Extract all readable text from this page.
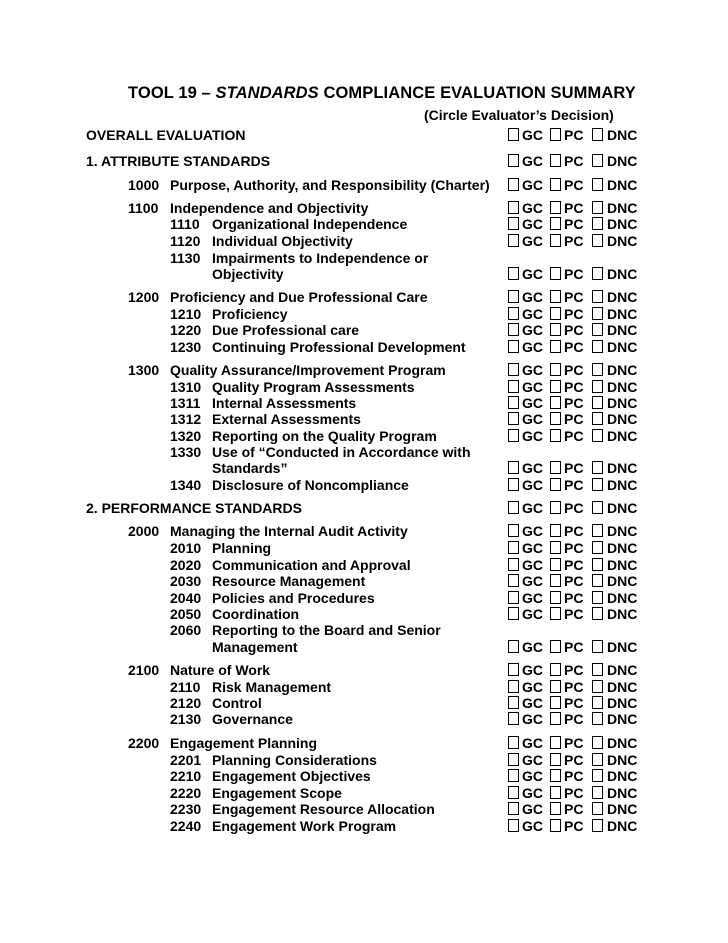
TOOL 19 – STANDARDS COMPLIANCE EVALUATION SUMMARY
(Circle Evaluator’s Decision)
OVERALL EVALUATION	GC PC DNC
1. ATTRIBUTE STANDARDS	GC PC DNC
1000 Purpose, Authority, and Responsibility (Charter) GC PC DNC
1100 Independence and Objectivity	GC PC DNC
1110 Organizational Independence	GC PC DNC
1120 Individual Objectivity	GC PC DNC
1130 Impairments to Independence or
Objectivity	GC PC DNC
1200 Proficiency and Due Professional Care	GC PC DNC
1210 Proficiency	GC PC DNC
1220 Due Professional care	GC PC DNC
1230 Continuing Professional Development	GC PC DNC
1300 Quality Assurance/Improvement Program	GC PC DNC
1310 Quality Program Assessments	GC PC DNC
1311 Internal Assessments	GC PC DNC
1312 External Assessments	GC PC DNC
1320 Reporting on the Quality Program	GC PC DNC
1330 Use of “Conducted in Accordance with
Standards”	GC PC DNC
1340 Disclosure of Noncompliance	GC PC DNC
2. PERFORMANCE STANDARDS	GC PC DNC
2000 Managing the Internal Audit Activity	GC PC DNC
2010 Planning	GC PC DNC
2020 Communication and Approval	GC PC DNC
2030 Resource Management	GC PC DNC
2040 Policies and Procedures	GC PC DNC
2050 Coordination	GC PC DNC
2060 Reporting to the Board and Senior
Management	GC PC DNC
2100 Nature of Work	GC PC DNC
2110 Risk Management	GC PC DNC
2120 Control	GC PC DNC
2130 Governance	GC PC DNC
2200 Engagement Planning	GC PC DNC
2201 Planning Considerations	GC PC DNC
2210 Engagement Objectives	GC PC DNC
2220 Engagement Scope	GC PC DNC
2230 Engagement Resource Allocation	GC PC DNC
2240 Engagement Work Program	GC PC DNC
